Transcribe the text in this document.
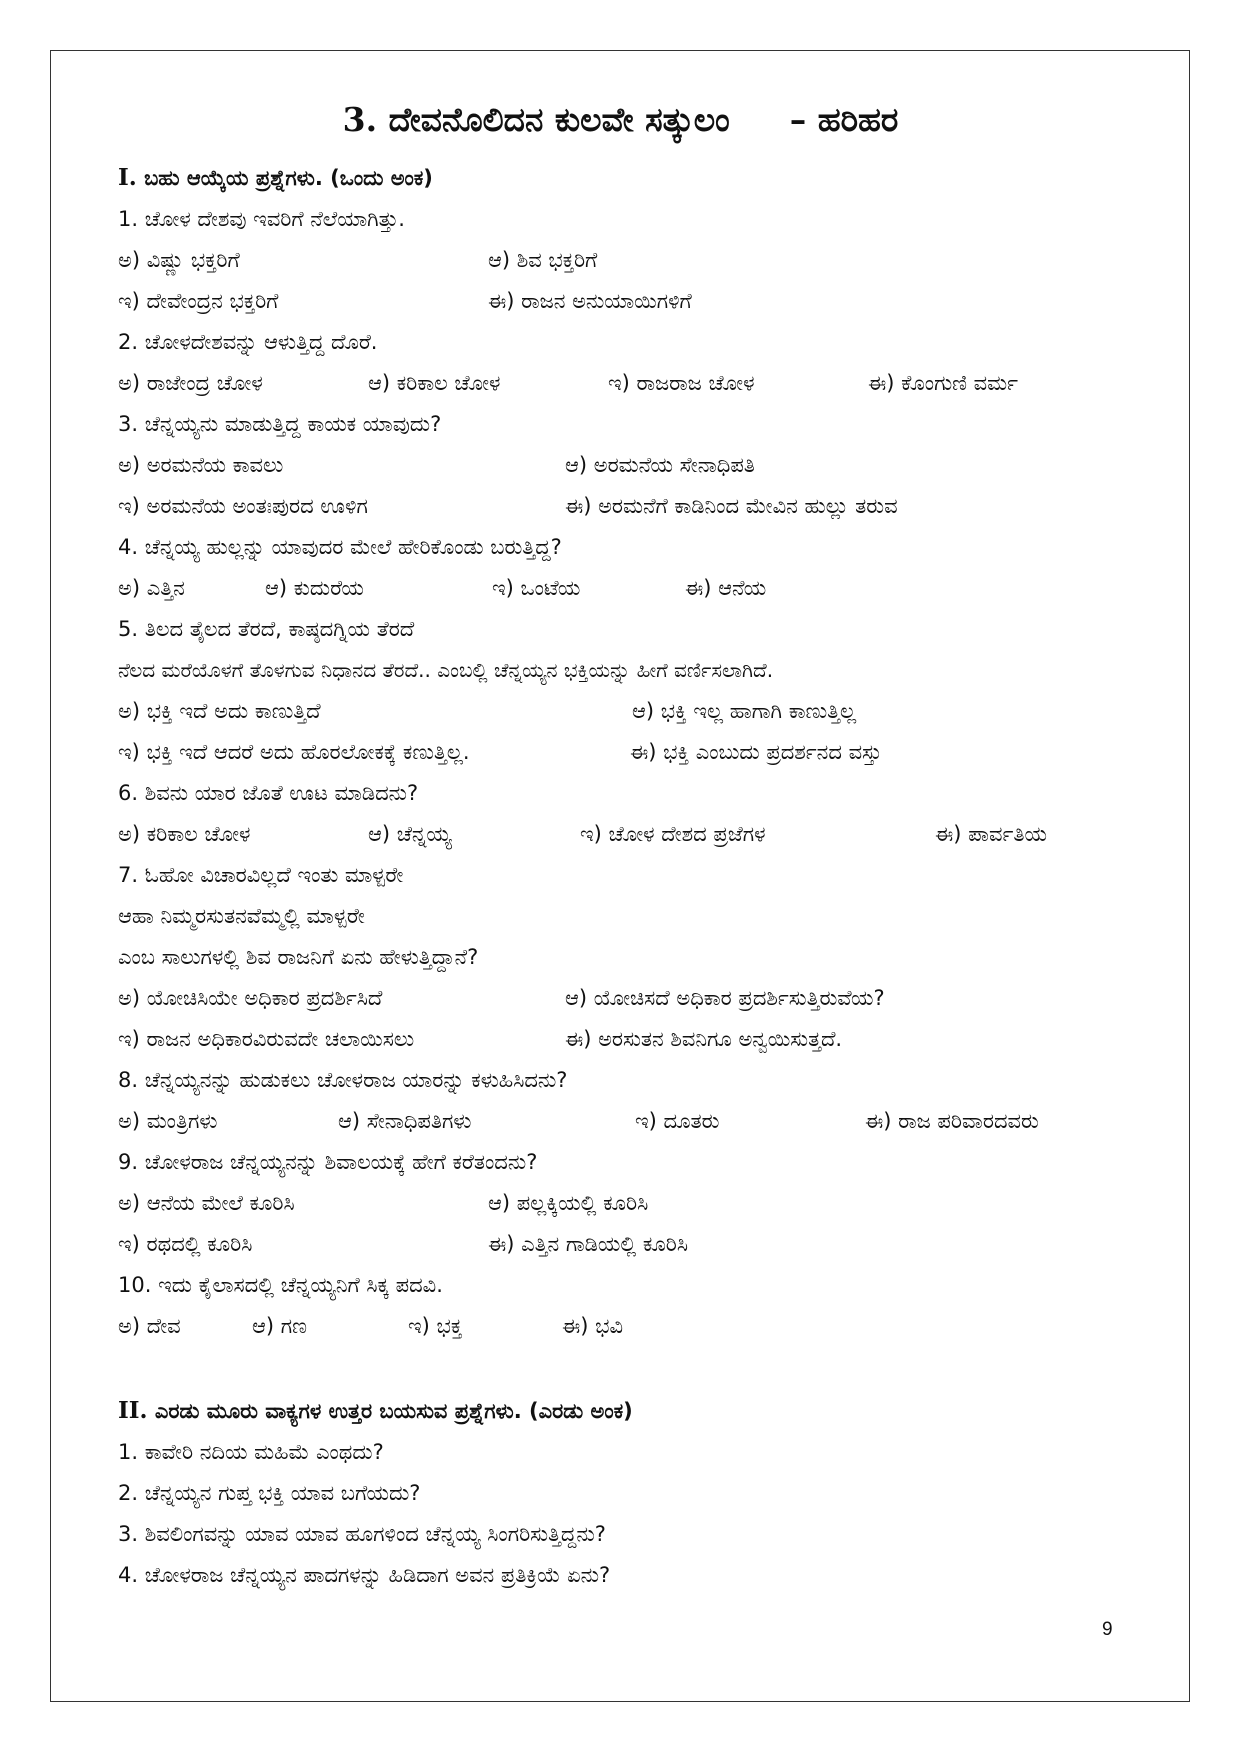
3. ದೇವನೊಲಿದನ ಕುಲವೇ ಸತ್ಕುಲಂ – ಹರಿಹರ
I. ಬಹು ಆಯ್ಕೆಯ ಪ್ರಶ್ನೆಗಳು. (ಒಂದು ಅಂಕ)
1. ಚೋಳ ದೇಶವು ಇವರಿಗೆ ನೆಲೆಯಾಗಿತ್ತು.
ಅ) ವಿಷ್ಣು ಭಕ್ತರಿಗೆ	ಆ) ಶಿವ ಭಕ್ತರಿಗೆ
ಇ) ದೇವೇಂದ್ರನ ಭಕ್ತರಿಗೆ	ಈ) ರಾಜನ ಅನುಯಾಯಿಗಳಿಗೆ
2. ಚೋಳದೇಶವನ್ನು ಆಳುತ್ತಿದ್ದ ದೊರೆ.
ಅ) ರಾಜೇಂದ್ರ ಚೋಳ	ಆ) ಕರಿಕಾಲ ಚೋಳ	ಇ) ರಾಜರಾಜ ಚೋಳ	ಈ) ಕೊಂಗುಣಿ ವರ್ಮ
3. ಚೆನ್ನಯ್ಯನು ಮಾಡುತ್ತಿದ್ದ ಕಾಯಕ ಯಾವುದು?
ಅ) ಅರಮನೆಯ ಕಾವಲು	ಆ) ಅರಮನೆಯ ಸೇನಾಧಿಪತಿ
ಇ) ಅರಮನೆಯ ಅಂತಃಪುರದ ಊಳಿಗ	ಈ) ಅರಮನೆಗೆ ಕಾಡಿನಿಂದ ಮೇವಿನ ಹುಲ್ಲು ತರುವ
4. ಚೆನ್ನಯ್ಯ ಹುಲ್ಲನ್ನು ಯಾವುದರ ಮೇಲೆ ಹೇರಿಕೊಂಡು ಬರುತ್ತಿದ್ದ?
ಅ) ಎತ್ತಿನ	ಆ) ಕುದುರೆಯ	ಇ) ಒಂಟೆಯ	ಈ) ಆನೆಯ
5. ತಿಲದ ತೈಲದ ತೆರದೆ, ಕಾಷ್ಠದಗ್ನಿಯ ತೆರದೆ
ನೆಲದ ಮರೆಯೊಳಗೆ ತೊಳಗುವ ನಿಧಾನದ ತೆರದೆ.. ಎಂಬಲ್ಲಿ ಚೆನ್ನಯ್ಯನ ಭಕ್ತಿಯನ್ನು ಹೀಗೆ ವರ್ಣಿಸಲಾಗಿದೆ.
ಅ) ಭಕ್ತಿ ಇದೆ ಅದು ಕಾಣುತ್ತಿದೆ	ಆ) ಭಕ್ತಿ ಇಲ್ಲ ಹಾಗಾಗಿ ಕಾಣುತ್ತಿಲ್ಲ
ಇ) ಭಕ್ತಿ ಇದೆ ಆದರೆ ಅದು ಹೊರಲೋಕಕ್ಕೆ ಕಣುತ್ತಿಲ್ಲ.	ಈ) ಭಕ್ತಿ ಎಂಬುದು ಪ್ರದರ್ಶನದ ವಸ್ತು
6. ಶಿವನು ಯಾರ ಜೊತೆ ಊಟ ಮಾಡಿದನು?
ಅ) ಕರಿಕಾಲ ಚೋಳ	ಆ) ಚೆನ್ನಯ್ಯ	ಇ) ಚೋಳ ದೇಶದ ಪ್ರಜೆಗಳ	ಈ) ಪಾರ್ವತಿಯ
7. ಓಹೋ ವಿಚಾರವಿಲ್ಲದೆ ಇಂತು ಮಾಳ್ಪರೇ
ಆಹಾ ನಿಮ್ಮರಸುತನವೆಮ್ಮಲ್ಲಿ ಮಾಳ್ಪರೇ
ಎಂಬ ಸಾಲುಗಳಲ್ಲಿ ಶಿವ ರಾಜನಿಗೆ ಏನು ಹೇಳುತ್ತಿದ್ದಾನೆ?
ಅ) ಯೋಚಿಸಿಯೇ ಅಧಿಕಾರ ಪ್ರದರ್ಶಿಸಿದೆ	ಆ) ಯೋಚಿಸದೆ ಅಧಿಕಾರ ಪ್ರದರ್ಶಿಸುತ್ತಿರುವೆಯ?
ಇ) ರಾಜನ ಅಧಿಕಾರವಿರುವದೇ ಚಲಾಯಿಸಲು	ಈ) ಅರಸುತನ ಶಿವನಿಗೂ ಅನ್ವಯಿಸುತ್ತದೆ.
8. ಚೆನ್ನಯ್ಯನನ್ನು ಹುಡುಕಲು ಚೋಳರಾಜ ಯಾರನ್ನು ಕಳುಹಿಸಿದನು?
ಅ) ಮಂತ್ರಿಗಳು	ಆ) ಸೇನಾಧಿಪತಿಗಳು	ಇ) ದೂತರು	ಈ) ರಾಜ ಪರಿವಾರದವರು
9. ಚೋಳರಾಜ ಚೆನ್ನಯ್ಯನನ್ನು ಶಿವಾಲಯಕ್ಕೆ ಹೇಗೆ ಕರೆತಂದನು?
ಅ) ಆನೆಯ ಮೇಲೆ ಕೂರಿಸಿ	ಆ) ಪಲ್ಲಕ್ಕಿಯಲ್ಲಿ ಕೂರಿಸಿ
ಇ) ರಥದಲ್ಲಿ ಕೂರಿಸಿ	ಈ) ಎತ್ತಿನ ಗಾಡಿಯಲ್ಲಿ ಕೂರಿಸಿ
10. ಇದು ಕೈಲಾಸದಲ್ಲಿ ಚೆನ್ನಯ್ಯನಿಗೆ ಸಿಕ್ಕ ಪದವಿ.
ಅ) ದೇವ	ಆ) ಗಣ	ಇ) ಭಕ್ತ	ಈ) ಭವಿ
II. ಎರಡು ಮೂರು ವಾಕ್ಯಗಳ ಉತ್ತರ ಬಯಸುವ ಪ್ರಶ್ನೆಗಳು. (ಎರಡು ಅಂಕ)
1. ಕಾವೇರಿ ನದಿಯ ಮಹಿಮೆ ಎಂಥದು?
2. ಚೆನ್ನಯ್ಯನ ಗುಪ್ತ ಭಕ್ತಿ ಯಾವ ಬಗೆಯದು?
3. ಶಿವಲಿಂಗವನ್ನು ಯಾವ ಯಾವ ಹೂಗಳಿಂದ ಚೆನ್ನಯ್ಯ ಸಿಂಗರಿಸುತ್ತಿದ್ದನು?
4. ಚೋಳರಾಜ ಚೆನ್ನಯ್ಯನ ಪಾದಗಳನ್ನು ಹಿಡಿದಾಗ ಅವನ ಪ್ರತಿಕ್ರಿಯೆ ಏನು?
9
